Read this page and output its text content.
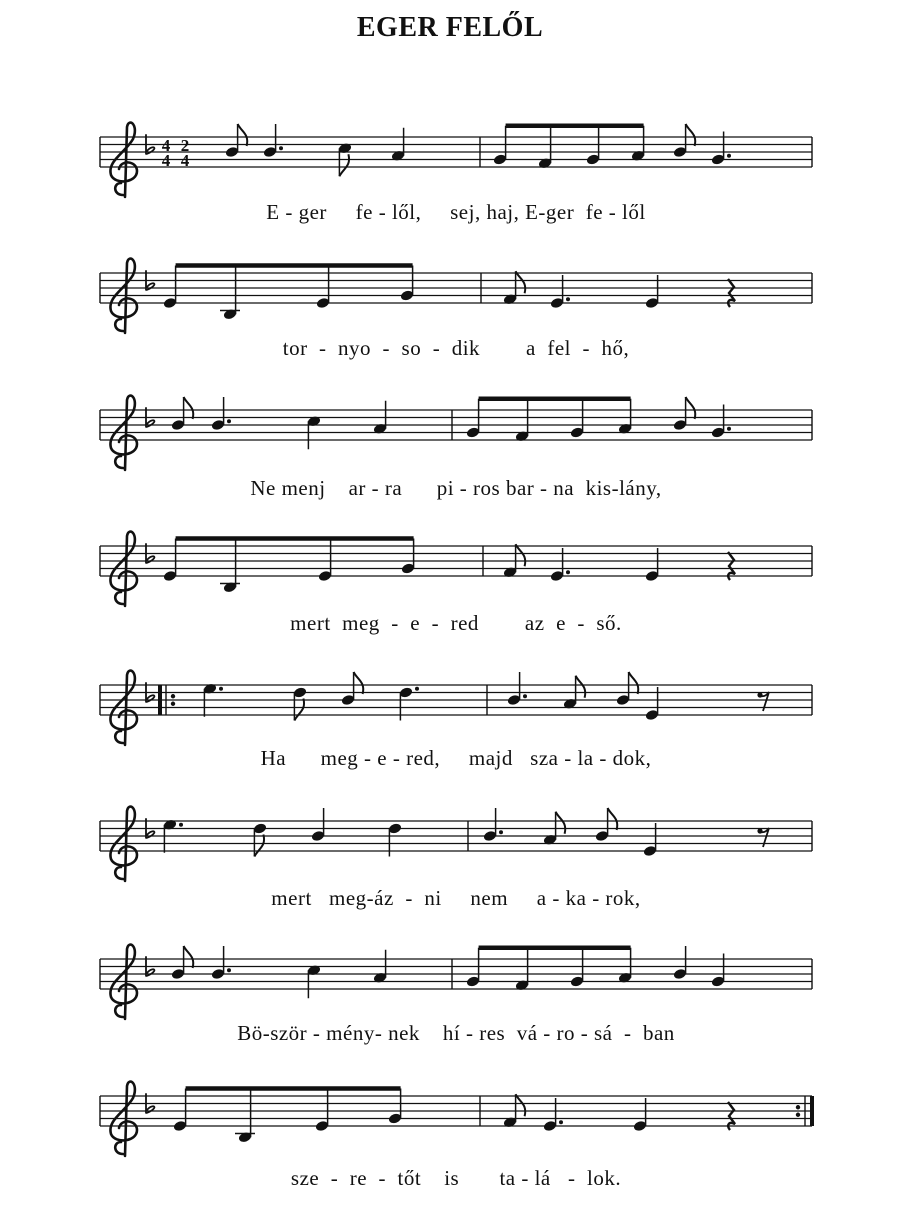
EGER FELŐL
4
4
2
4
E - ger     fe - lől,     sej, haj, E-ger  fe - lől
tor  -  nyo  -  so  -  dik        a  fel  -  hő,
Ne menj    ar - ra      pi - ros bar - na  kis-lány,
mert  meg  -  e  -  red        az  e  -  ső.
Ha      meg - e - red,     majd   sza - la - dok,
mert   meg-áz  -  ni     nem     a - ka - rok,
Bö-ször - mény- nek    hí - res  vá - ro - sá  -  ban
sze  -  re  -  tőt    is       ta - lá   -  lok.
